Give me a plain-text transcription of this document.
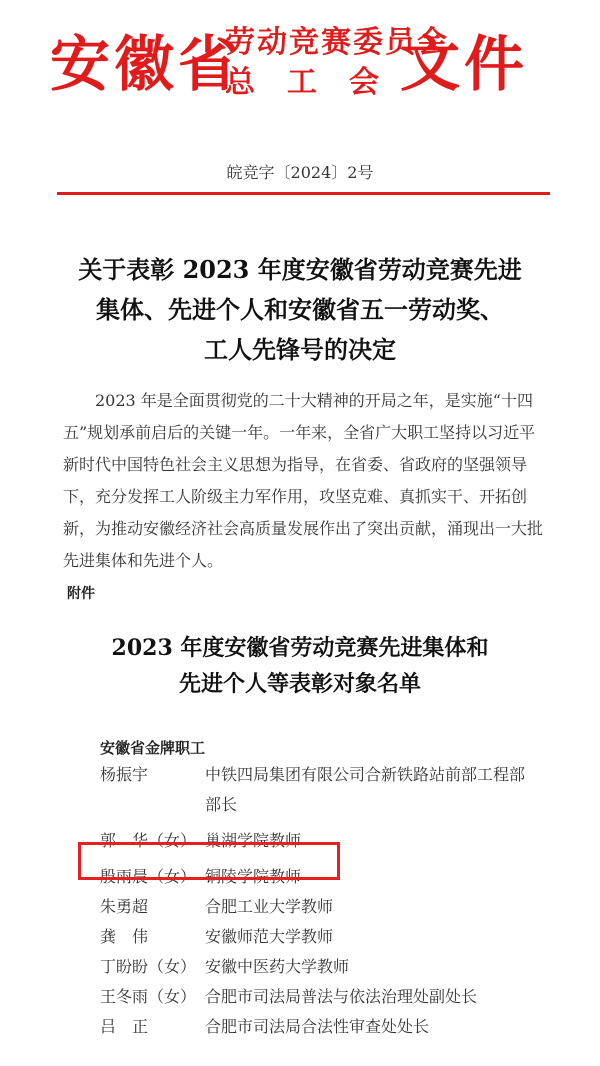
安徽省
劳动竞赛委员会
总工会
文件
皖竞字〔2024〕2号
关于表彰 2023 年度安徽省劳动竞赛先进
集体、先进个人和安徽省五一劳动奖、
工人先锋号的决定

2023 年是全面贯彻党的二十大精神的开局之年，是实施“十四五”规划承前启后的关键一年。一年来，全省广大职工坚持以习近平新时代中国特色社会主义思想为指导，在省委、省政府的坚强领导下，充分发挥工人阶级主力军作用，攻坚克难、真抓实干、开拓创新，为推动安徽经济社会高质量发展作出了突出贡献，涌现出一大批先进集体和先进个人。

附件
2023 年度安徽省劳动竞赛先进集体和
先进个人等表彰对象名单
安徽省金牌职工
杨振宇	中铁四局集团有限公司合新铁路站前部工程部部长
郭　华（女） 巢湖学院教师
殷雨晨（女） 铜陵学院教师
朱勇超	合肥工业大学教师
龚　伟	安徽师范大学教师
丁盼盼（女） 安徽中医药大学教师
王冬雨（女） 合肥市司法局普法与依法治理处副处长
吕　正	合肥市司法局合法性审查处处长
